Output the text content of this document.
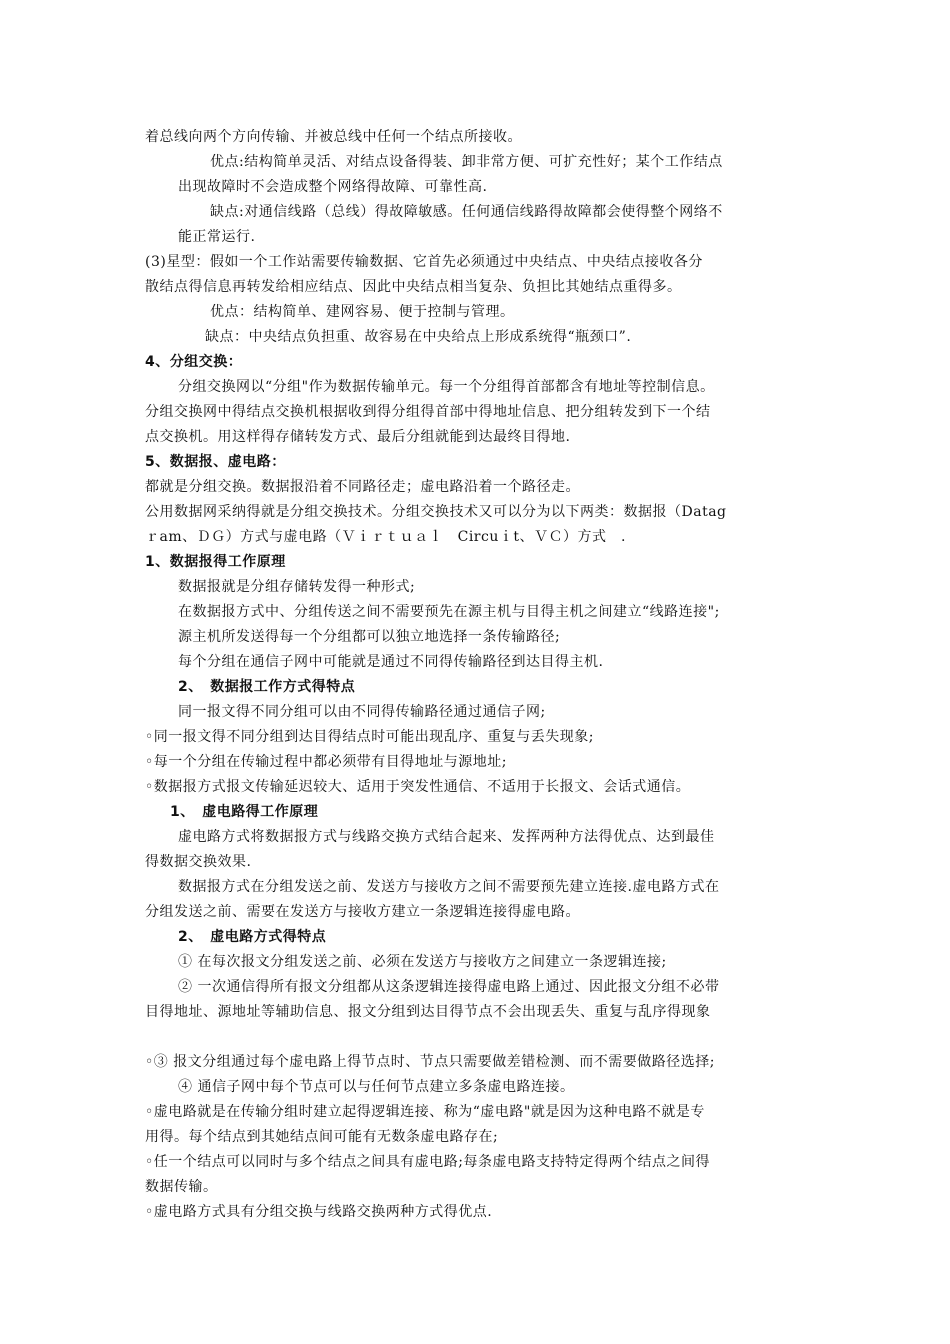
着总线向两个方向传输、并被总线中任何一个结点所接收。
优点:结构简单灵活、对结点设备得装、卸非常方便、可扩充性好；某个工作结点
出现故障时不会造成整个网络得故障、可靠性高.
缺点:对通信线路（总线）得故障敏感。任何通信线路得故障都会使得整个网络不
能正常运行.
(3)星型：假如一个工作站需要传输数据、它首先必须通过中央结点、中央结点接收各分
散结点得信息再转发给相应结点、因此中央结点相当复杂、负担比其她结点重得多。
优点：结构简单、建网容易、便于控制与管理。
缺点：中央结点负担重、故容易在中央给点上形成系统得“瓶颈口”.
4、分组交换：
分组交换网以“分组"作为数据传输单元。每一个分组得首部都含有地址等控制信息。
分组交换网中得结点交换机根据收到得分组得首部中得地址信息、把分组转发到下一个结
点交换机。用这样得存储转发方式、最后分组就能到达最终目得地.
5、数据报、虚电路：
都就是分组交换。数据报沿着不同路径走；虚电路沿着一个路径走。
公用数据网采纳得就是分组交换技术。分组交换技术又可以分为以下两类：数据报（Datag
ｒam、ＤＧ）方式与虚电路（Ｖｉｒｔｕａｌ　Circuｉt、ＶＣ）方式　.
1、数据报得工作原理
数据报就是分组存储转发得一种形式;
在数据报方式中、分组传送之间不需要预先在源主机与目得主机之间建立“线路连接";
源主机所发送得每一个分组都可以独立地选择一条传输路径;
每个分组在通信子网中可能就是通过不同得传输路径到达目得主机.
2、　数据报工作方式得特点
同一报文得不同分组可以由不同得传输路径通过通信子网;
◦同一报文得不同分组到达目得结点时可能出现乱序、重复与丢失现象;
◦每一个分组在传输过程中都必须带有目得地址与源地址;
◦数据报方式报文传输延迟较大、适用于突发性通信、不适用于长报文、会话式通信。
1、　虚电路得工作原理
虚电路方式将数据报方式与线路交换方式结合起来、发挥两种方法得优点、达到最佳
得数据交换效果.
数据报方式在分组发送之前、发送方与接收方之间不需要预先建立连接.虚电路方式在
分组发送之前、需要在发送方与接收方建立一条逻辑连接得虚电路。
2、　虚电路方式得特点
① 在每次报文分组发送之前、必须在发送方与接收方之间建立一条逻辑连接;
② 一次通信得所有报文分组都从这条逻辑连接得虚电路上通过、因此报文分组不必带
目得地址、源地址等辅助信息、报文分组到达目得节点不会出现丢失、重复与乱序得现象
◦③ 报文分组通过每个虚电路上得节点时、节点只需要做差错检测、而不需要做路径选择;
④ 通信子网中每个节点可以与任何节点建立多条虚电路连接。
◦虚电路就是在传输分组时建立起得逻辑连接、称为“虚电路"就是因为这种电路不就是专
用得。每个结点到其她结点间可能有无数条虚电路存在;
◦任一个结点可以同时与多个结点之间具有虚电路;每条虚电路支持特定得两个结点之间得
数据传输。
◦虚电路方式具有分组交换与线路交换两种方式得优点.
